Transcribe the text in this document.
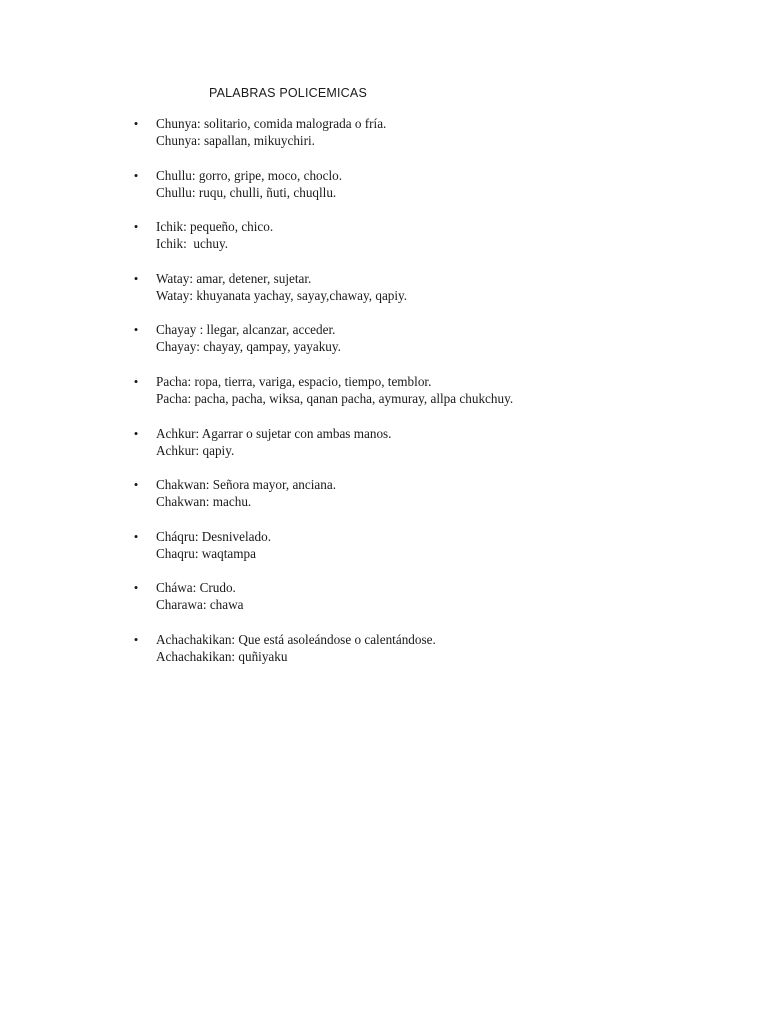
PALABRAS POLICEMICAS
•	Chunya: solitario, comida malograda o fría.
Chunya: sapallan, mikuychiri.
•	Chullu: gorro, gripe, moco, choclo.
Chullu: ruqu, chulli, ñuti, chuqllu.
•	Ichik: pequeño, chico.
Ichik:  uchuy.
•	Watay: amar, detener, sujetar.
Watay: khuyanata yachay, sayay,chaway, qapiy.
•	Chayay : llegar, alcanzar, acceder.
Chayay: chayay, qampay, yayakuy.
•	Pacha: ropa, tierra, variga, espacio, tiempo, temblor.
Pacha: pacha, pacha, wiksa, qanan pacha, aymuray, allpa chukchuy.
•	Achkur: Agarrar o sujetar con ambas manos.
Achkur: qapiy.
•	Chakwan: Señora mayor, anciana.
Chakwan: machu.
•	Cháqru: Desnivelado.
Chaqru: waqtampa
•	Cháwa: Crudo.
Charawa: chawa
•	Achachakikan: Que está asoleándose o calentándose.
Achachakikan: quñiyaku
